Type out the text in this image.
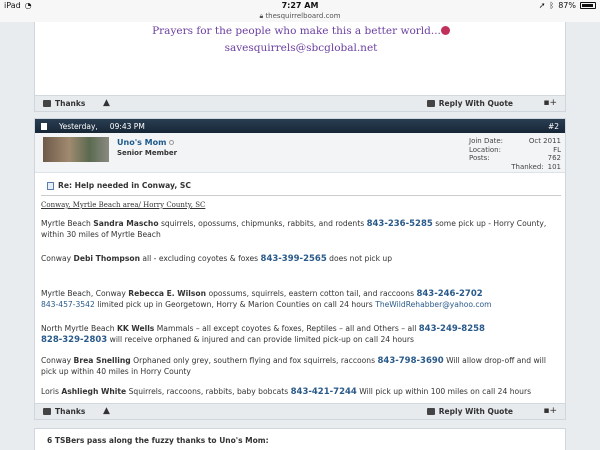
Prayers for the people who make this a better world...
savesquirrels@sbcglobal.net
Thanks ▲	Reply With Quote	▪+
Yesterday, 09:43 PM	#2
Uno's Mom
Senior Member
Join Date:	Oct 2011
Location:	FL
Posts:	762
Thanked: 101
Re: Help needed in Conway, SC
Conway, Myrtle Beach area/ Horry County, SC
Myrtle Beach Sandra Mascho squirrels, opossums, chipmunks, rabbits, and rodents 843-236-5285 some pick up - Horry County, within 30 miles of Myrtle Beach
Conway Debi Thompson all - excluding coyotes & foxes 843-399-2565 does not pick up
Myrtle Beach, Conway Rebecca E. Wilson opossums, squirrels, eastern cotton tail, and raccoons 843-246-2702
843-457-3542 limited pick up in Georgetown, Horry & Marion Counties on call 24 hours TheWildRehabber@yahoo.com
North Myrtle Beach KK Wells Mammals – all except coyotes & foxes, Reptiles – all and Others – all 843-249-8258
828-329-2803 will receive orphaned & injured and can provide limited pick-up on call 24 hours
Conway Brea Snelling Orphaned only grey, southern flying and fox squirrels, raccoons 843-798-3690 Will allow drop-off and will pick up within 40 miles in Horry County
Loris Ashliegh White Squirrels, raccoons, rabbits, baby bobcats 843-421-7244 Will pick up within 100 miles on call 24 hours
Thanks ▲	Reply With Quote	▪+
6 TSBers pass along the fuzzy thanks to Uno's Mom:
iPad ◔	7:27 AM	➚ ᛒ 87%
🔒︎ thesquirrelboard.com
